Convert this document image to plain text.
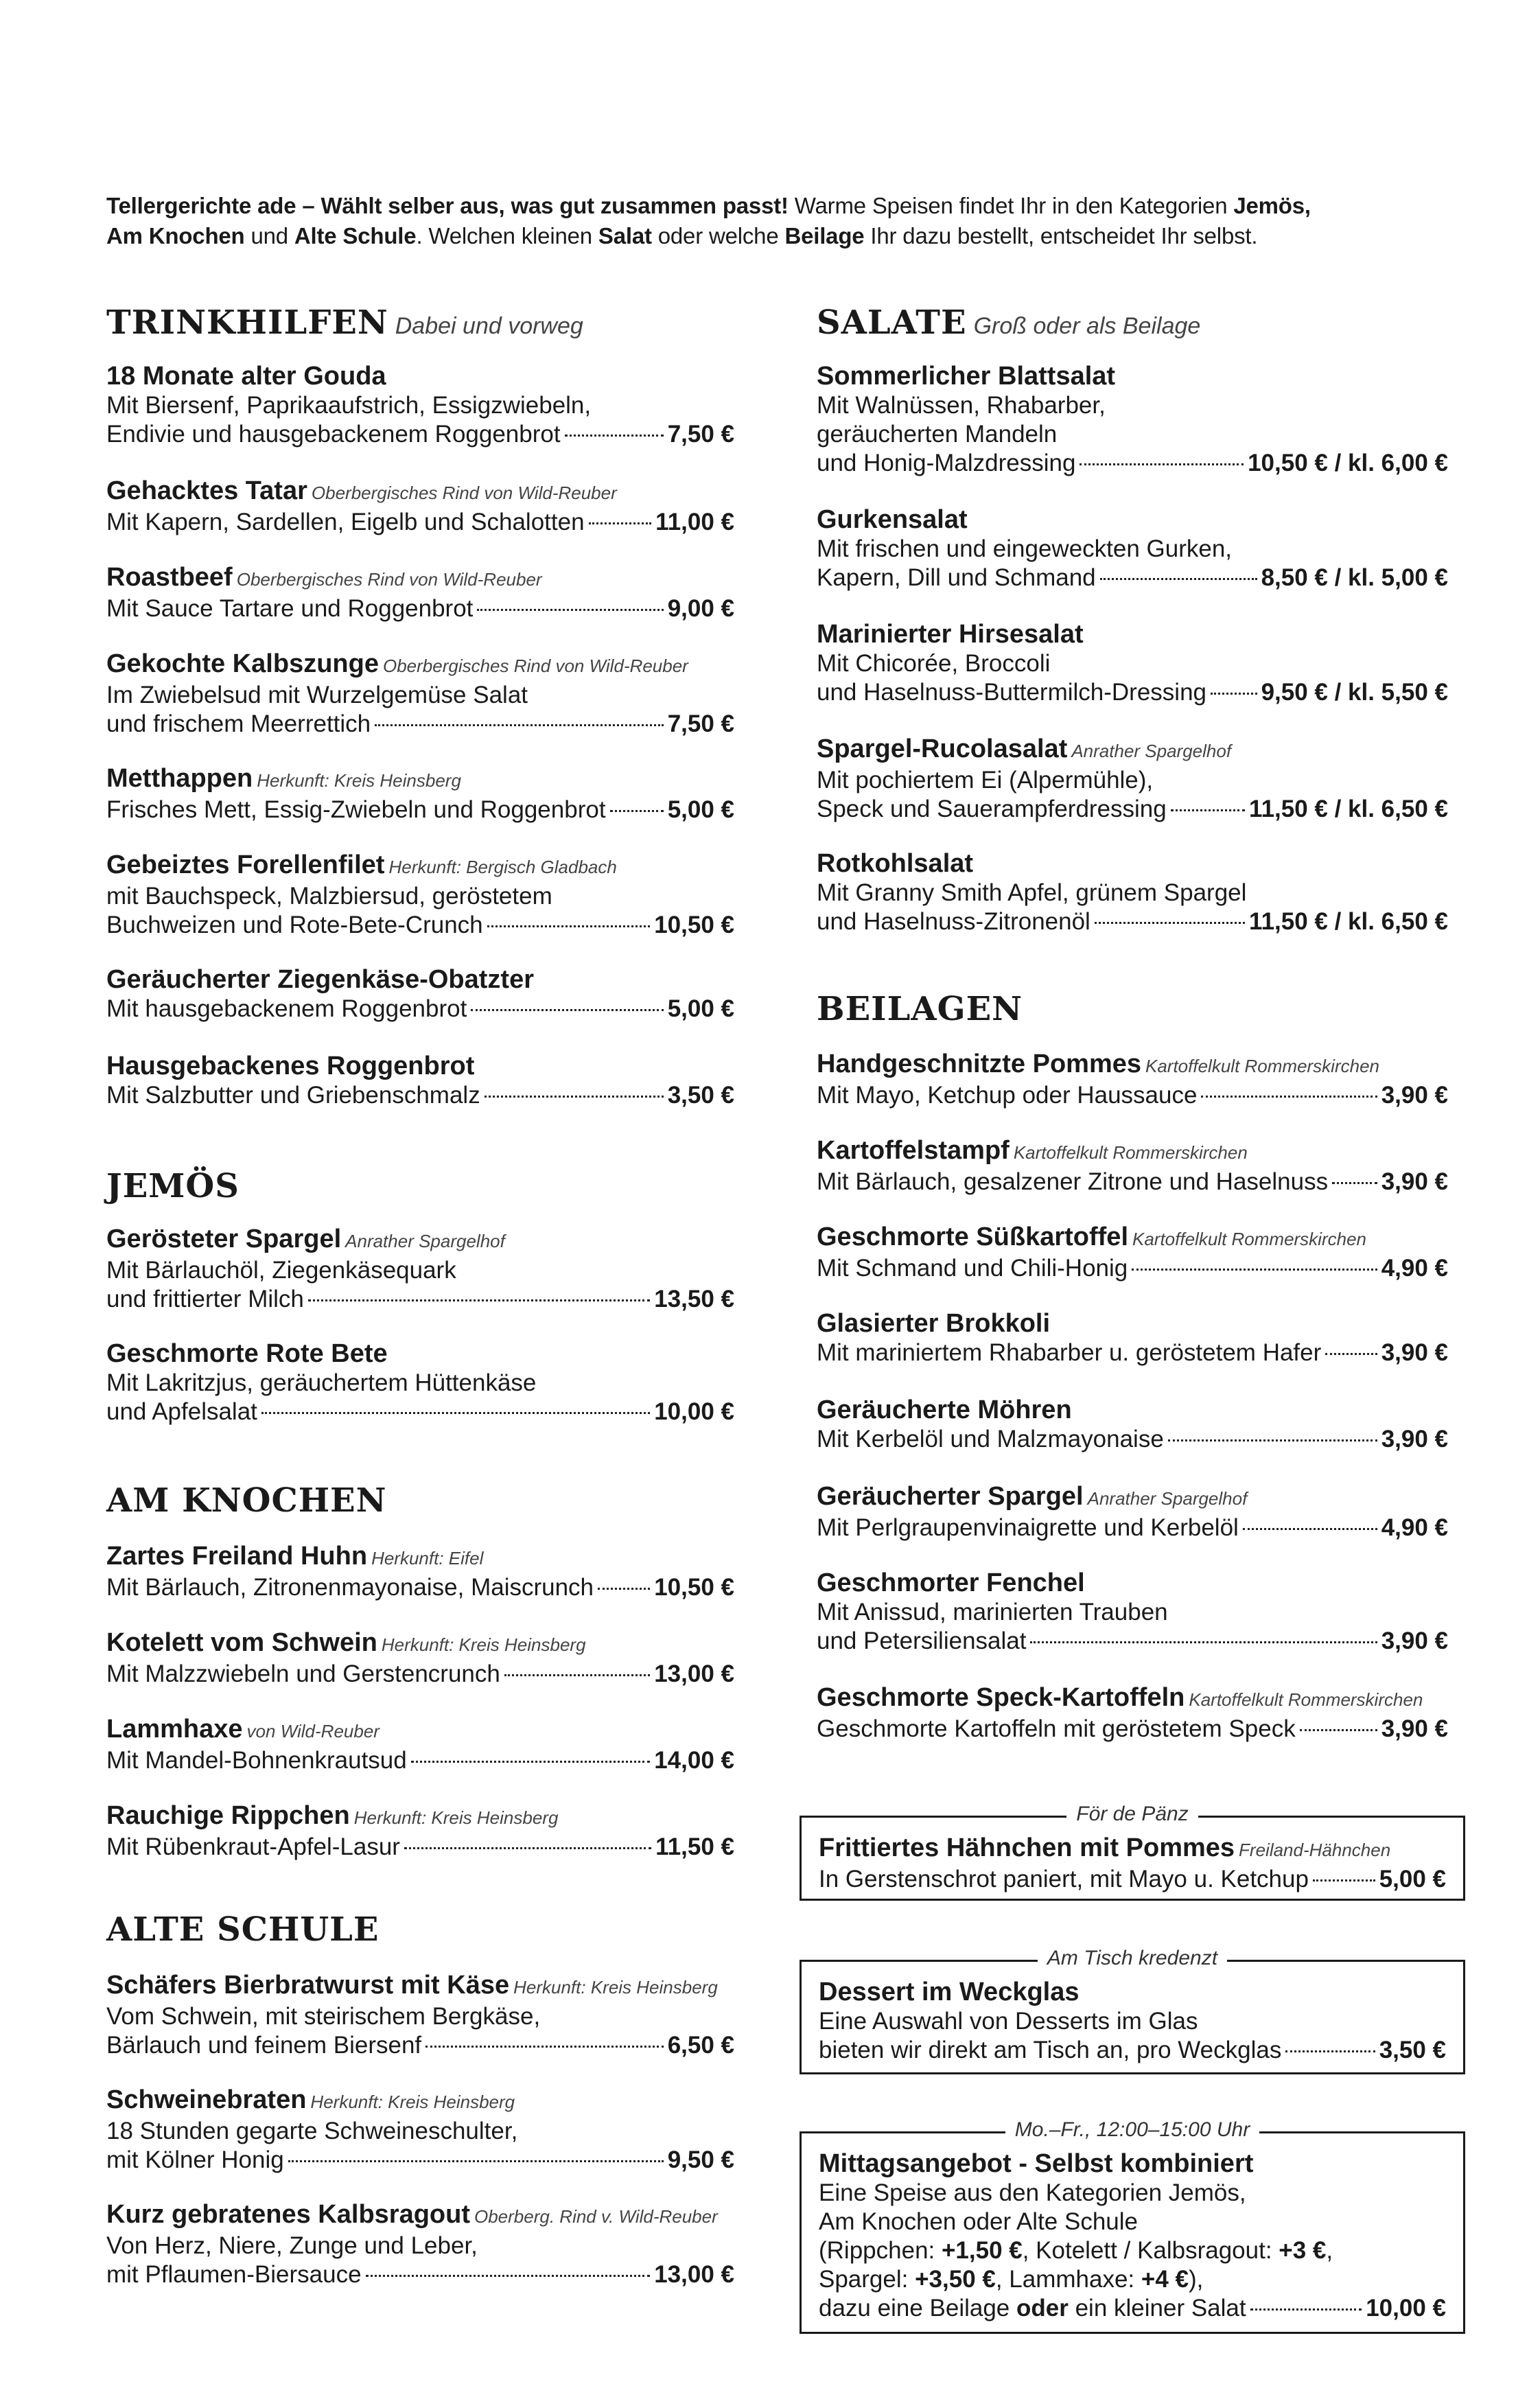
Tellergerichte ade – Wählt selber aus, was gut zusammen passt! Warme Speisen findet Ihr in den Kategorien Jemös,
Am Knochen und Alte Schule. Welchen kleinen Salat oder welche Beilage Ihr dazu bestellt, entscheidet Ihr selbst.
TRINKHILFEN Dabei und vorweg
18 Monate alter Gouda
Mit Biersenf, Paprikaaufstrich, Essigzwiebeln,
Endivie und hausgebackenem Roggenbrot	7,50 €
Gehacktes Tatar Oberbergisches Rind von Wild-Reuber
Mit Kapern, Sardellen, Eigelb und Schalotten	11,00 €
Roastbeef Oberbergisches Rind von Wild-Reuber
Mit Sauce Tartare und Roggenbrot	9,00 €
Gekochte Kalbszunge Oberbergisches Rind von Wild-Reuber
Im Zwiebelsud mit Wurzelgemüse Salat
und frischem Meerrettich	7,50 €
Metthappen Herkunft: Kreis Heinsberg
Frisches Mett, Essig-Zwiebeln und Roggenbrot	5,00 €
Gebeiztes Forellenfilet Herkunft: Bergisch Gladbach
mit Bauchspeck, Malzbiersud, geröstetem
Buchweizen und Rote-Bete-Crunch	10,50 €
Geräucherter Ziegenkäse-Obatzter
Mit hausgebackenem Roggenbrot	5,00 €
Hausgebackenes Roggenbrot
Mit Salzbutter und Griebenschmalz	3,50 €
JEMÖS
Gerösteter Spargel Anrather Spargelhof
Mit Bärlauchöl, Ziegenkäsequark
und frittierter Milch	13,50 €
Geschmorte Rote Bete
Mit Lakritzjus, geräuchertem Hüttenkäse
und Apfelsalat	10,00 €
AM KNOCHEN
Zartes Freiland Huhn Herkunft: Eifel
Mit Bärlauch, Zitronenmayonaise, Maiscrunch	10,50 €
Kotelett vom Schwein Herkunft: Kreis Heinsberg
Mit Malzzwiebeln und Gerstencrunch	13,00 €
Lammhaxe von Wild-Reuber
Mit Mandel-Bohnenkrautsud	14,00 €
Rauchige Rippchen Herkunft: Kreis Heinsberg
Mit Rübenkraut-Apfel-Lasur	11,50 €
ALTE SCHULE
Schäfers Bierbratwurst mit Käse Herkunft: Kreis Heinsberg
Vom Schwein, mit steirischem Bergkäse,
Bärlauch und feinem Biersenf	6,50 €
Schweinebraten Herkunft: Kreis Heinsberg
18 Stunden gegarte Schweineschulter,
mit Kölner Honig	9,50 €
Kurz gebratenes Kalbsragout Oberberg. Rind v. Wild-Reuber
Von Herz, Niere, Zunge und Leber,
mit Pflaumen-Biersauce	13,00 €
SALATE Groß oder als Beilage
Sommerlicher Blattsalat
Mit Walnüssen, Rhabarber,
geräucherten Mandeln
und Honig-Malzdressing	10,50 € / kl. 6,00 €
Gurkensalat
Mit frischen und eingeweckten Gurken,
Kapern, Dill und Schmand	8,50 € / kl. 5,00 €
Marinierter Hirsesalat
Mit Chicorée, Broccoli
und Haselnuss-Buttermilch-Dressing 9,50 € / kl. 5,50 €
Spargel-Rucolasalat Anrather Spargelhof
Mit pochiertem Ei (Alpermühle),
Speck und Sauerampferdressing	11,50 € / kl. 6,50 €
Rotkohlsalat
Mit Granny Smith Apfel, grünem Spargel
und Haselnuss-Zitronenöl	11,50 € / kl. 6,50 €
BEILAGEN
Handgeschnitzte Pommes Kartoffelkult Rommerskirchen
Mit Mayo, Ketchup oder Haussauce	3,90 €
Kartoffelstampf Kartoffelkult Rommerskirchen
Mit Bärlauch, gesalzener Zitrone und Haselnuss 3,90 €
Geschmorte Süßkartoffel Kartoffelkult Rommerskirchen
Mit Schmand und Chili-Honig	4,90 €
Glasierter Brokkoli
Mit mariniertem Rhabarber u. geröstetem Hafer 3,90 €
Geräucherte Möhren
Mit Kerbelöl und Malzmayonaise	3,90 €
Geräucherter Spargel Anrather Spargelhof
Mit Perlgraupenvinaigrette und Kerbelöl	4,90 €
Geschmorter Fenchel
Mit Anissud, marinierten Trauben
und Petersiliensalat	3,90 €
Geschmorte Speck-Kartoffeln Kartoffelkult Rommerskirchen
Geschmorte Kartoffeln mit geröstetem Speck	3,90 €
För de Pänz
Frittiertes Hähnchen mit Pommes Freiland-Hähnchen
In Gerstenschrot paniert, mit Mayo u. Ketchup	5,00 €
Am Tisch kredenzt
Dessert im Weckglas
Eine Auswahl von Desserts im Glas
bieten wir direkt am Tisch an, pro Weckglas	3,50 €
Mo.–Fr., 12:00–15:00 Uhr
Mittagsangebot - Selbst kombiniert
Eine Speise aus den Kategorien Jemös,
Am Knochen oder Alte Schule
(Rippchen: +1,50 €, Kotelett / Kalbsragout: +3 €,
Spargel: +3,50 €, Lammhaxe: +4 €),
dazu eine Beilage oder ein kleiner Salat	10,00 €
